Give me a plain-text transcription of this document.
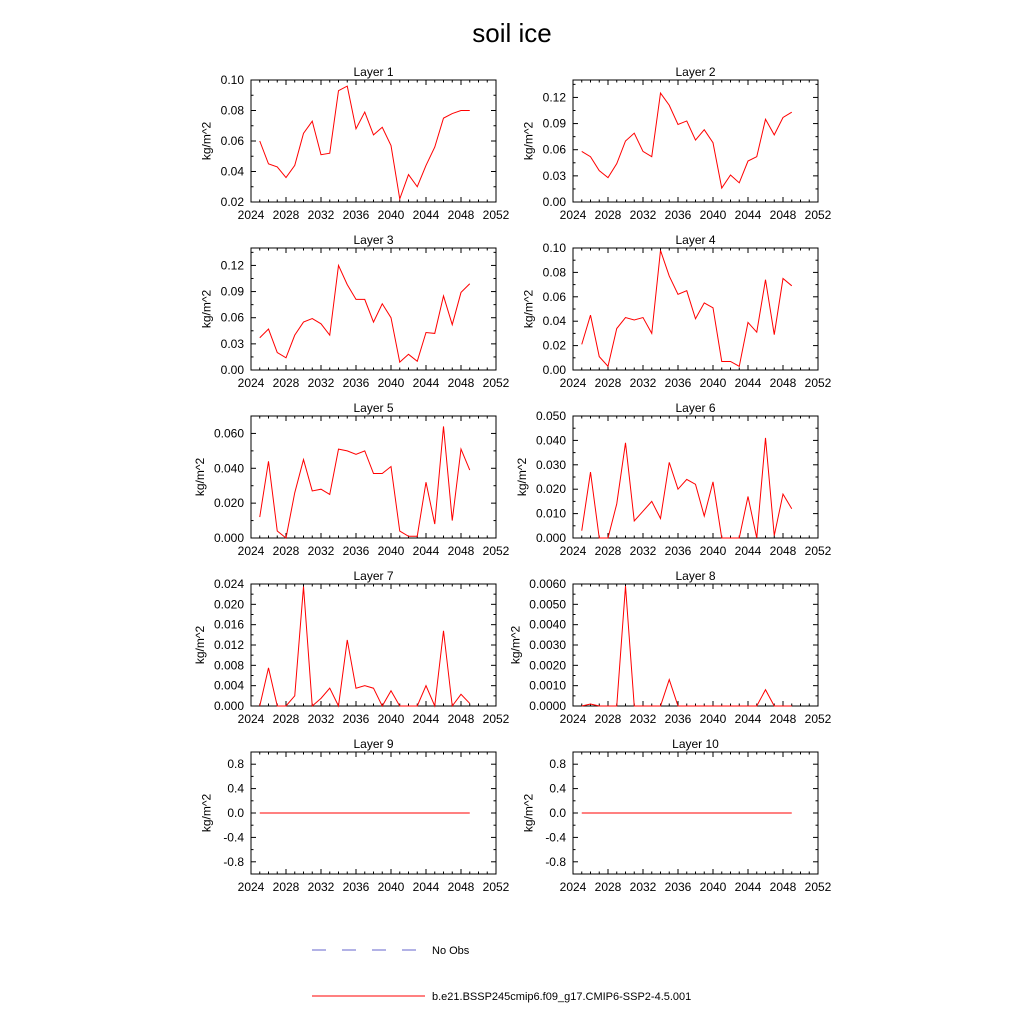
soil ice
Layer 1
2024 2028 2032 2036 2040 2044 2048 2052
0.02
0.04
0.06
0.08
0.10
kg/m^2
Layer 2
2024 2028 2032 2036 2040 2044 2048 2052
0.00
0.03
0.06
0.09
0.12
kg/m^2
Layer 3
2024 2028 2032 2036 2040 2044 2048 2052
0.00
0.03
0.06
0.09
0.12
kg/m^2
Layer 4
2024 2028 2032 2036 2040 2044 2048 2052
0.00
0.02
0.04
0.06
0.08
0.10
kg/m^2
Layer 5
2024 2028 2032 2036 2040 2044 2048 2052
0.000
0.020
0.040
0.060
kg/m^2
Layer 6
2024 2028 2032 2036 2040 2044 2048 2052
0.000
0.010
0.020
0.030
0.040
0.050
kg/m^2
Layer 7
2024 2028 2032 2036 2040 2044 2048 2052
0.000
0.004
0.008
0.012
0.016
0.020
0.024
kg/m^2
Layer 8
2024 2028 2032 2036 2040 2044 2048 2052
0.0000
0.0010
0.0020
0.0030
0.0040
0.0050
0.0060
kg/m^2
Layer 9
2024 2028 2032 2036 2040 2044 2048 2052
-0.8
-0.4
0.0
0.4
0.8
kg/m^2
Layer 10
2024 2028 2032 2036 2040 2044 2048 2052
-0.8
-0.4
0.0
0.4
0.8
kg/m^2
No Obs
b.e21.BSSP245cmip6.f09_g17.CMIP6-SSP2-4.5.001
